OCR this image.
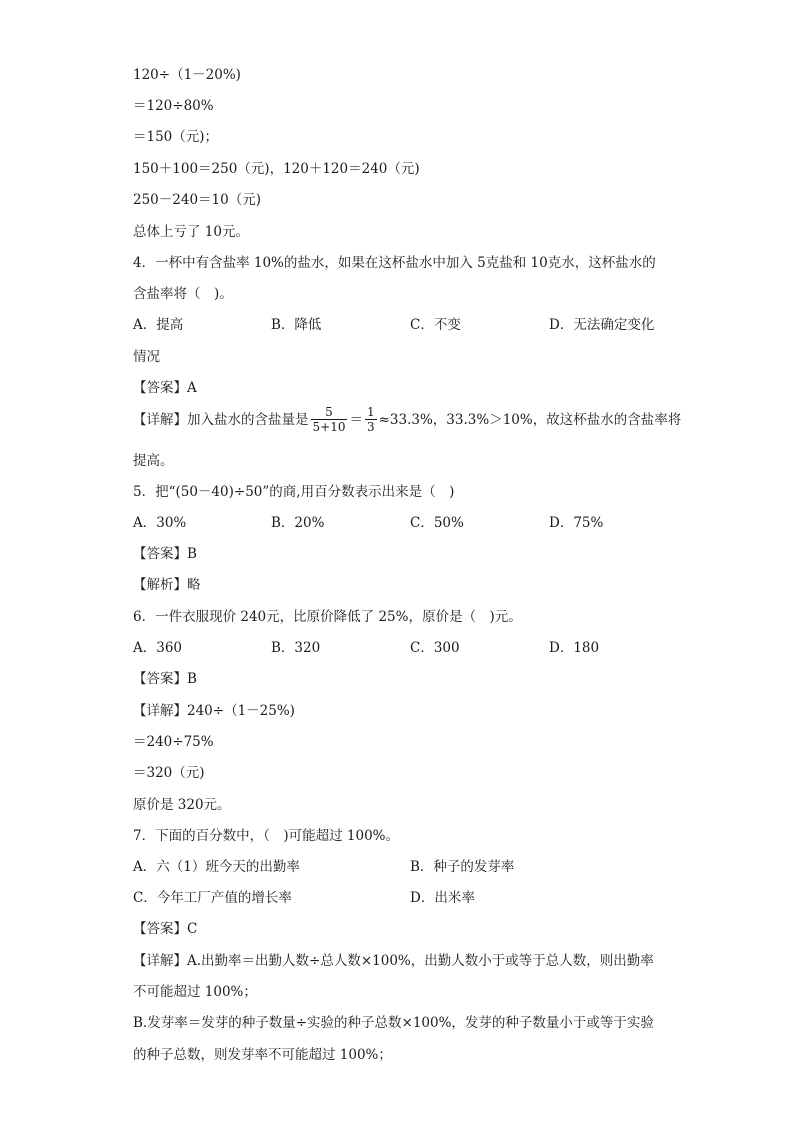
120÷（1－20%)
＝120÷80%
＝150（元)；
150＋100＝250（元)，120＋120＝240（元)
250－240＝10（元)
总体上亏了 10元。
4．一杯中有含盐率 10%的盐水，如果在这杯盐水中加入 5克盐和 10克水，这杯盐水的
含盐率将（　)。
A．提高	B．降低	C．不变	D．无法确定变化
情况
【答案】A
【详解】加入盐水的含盐量是 $\frac{5}{5+10} = \frac{1}{3} \approx 33.3\%$，33.3%＞10%，故这杯盐水的含盐率将
提高。
5．把“(50－40)÷50”的商,用百分数表示出来是（　)
A．30%	B．20%	C．50%	D．75%
【答案】B
【解析】略
6．一件衣服现价 240元，比原价降低了 25%，原价是（　)元。
A．360	B．320	C．300	D．180
【答案】B
【详解】240÷（1－25%)
＝240÷75%
＝320（元)
原价是 320元。
7．下面的百分数中，（　)可能超过 100%。
A．六（1）班今天的出勤率	B．种子的发芽率
C．今年工厂产值的增长率	D．出米率
【答案】C
【详解】A.出勤率＝出勤人数÷总人数×100%，出勤人数小于或等于总人数，则出勤率
不可能超过 100%；
B.发芽率＝发芽的种子数量÷实验的种子总数×100%，发芽的种子数量小于或等于实验
的种子总数，则发芽率不可能超过 100%；
